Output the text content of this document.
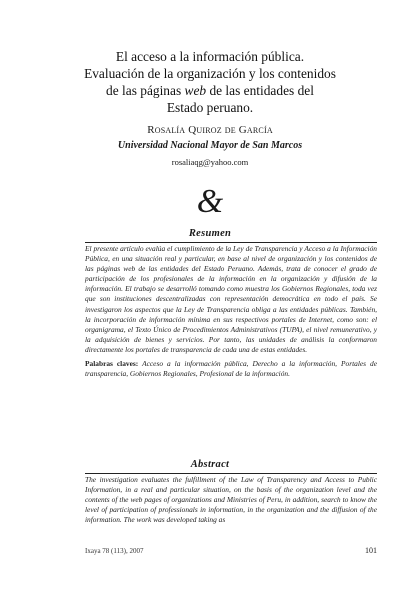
El acceso a la información pública.
Evaluación de la organización y los contenidos
de las páginas web de las entidades del
Estado peruano.
Rosalía Quiroz de García
Universidad Nacional Mayor de San Marcos
rosaliaqg@yahoo.com
&
Resumen

El presente artículo evalúa el cumplimiento de la Ley de Transparencia y Acceso a la Información Pública, en una situación real y particular, en base al nivel de organización y los contenidos de las páginas web de las entidades del Estado Peruano. Además, trata de conocer el grado de participación de los profesionales de la información en la organización y difusión de la información. El trabajo se desarrolló tomando como muestra los Gobiernos Regionales, toda vez que son instituciones descentralizadas con representación democrática en todo el país. Se investigaron los aspectos que la Ley de Transparencia obliga a las entidades públicas. También, la incorporación de información mínima en sus respectivos portales de Internet, como son: el organigrama, el Texto Único de Procedimientos Administrativos (TUPA), el nivel remunerativo, y la adquisición de bienes y servicios. Por tanto, las unidades de análisis la conformaron directamente los portales de transparencia de cada una de estas entidades.

Palabras claves: Acceso a la información pública, Derecho a la información, Portales de transparencia, Gobiernos Regionales, Profesional de la información.

Abstract

The investigation evaluates the fulfillment of the Law of Transparency and Access to Public Information, in a real and particular situation, on the basis of the organization level and the contents of the web pages of organizations and Ministries of Peru, in addition, search to know the level of participation of professionals in information, in the organization and the diffusion of the information. The work was developed taking as

Ixaya 78 (113), 2007	101
